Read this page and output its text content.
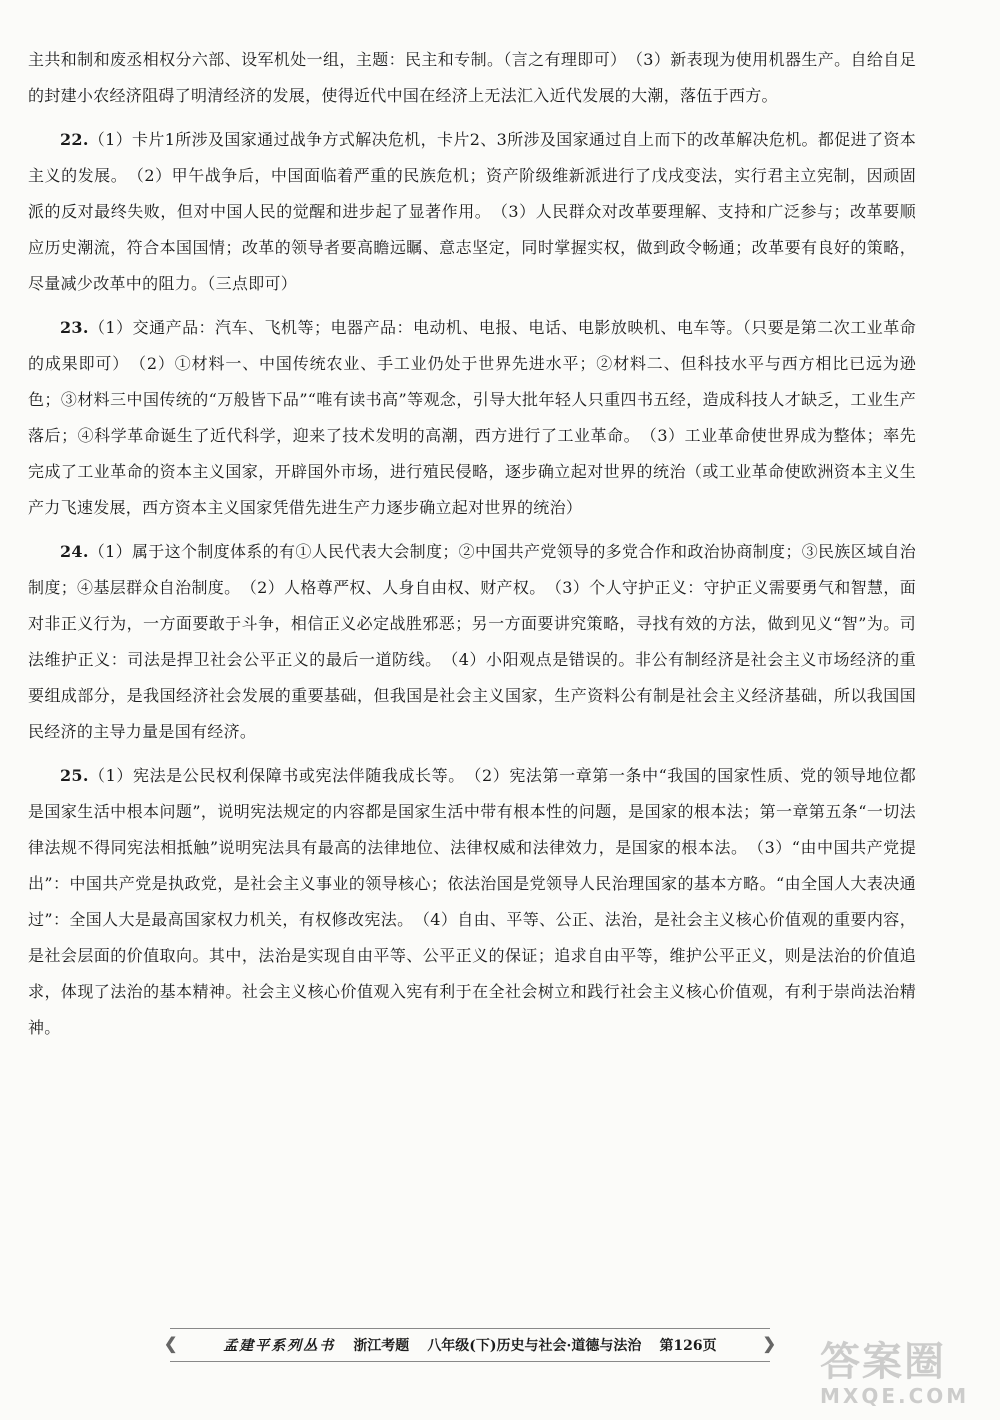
主共和制和废丞相权分六部、设军机处一组，主题：民主和专制。（言之有理即可）　（3）新表现为使用机器生产。自给自足的封建小农经济阻碍了明清经济的发展，使得近代中国在经济上无法汇入近代发展的大潮，落伍于西方。

22.（1）卡片1所涉及国家通过战争方式解决危机，卡片2、3所涉及国家通过自上而下的改革解决危机。都促进了资本主义的发展。　（2）甲午战争后，中国面临着严重的民族危机；资产阶级维新派进行了戊戌变法，实行君主立宪制，因顽固派的反对最终失败，但对中国人民的觉醒和进步起了显著作用。　（3）人民群众对改革要理解、支持和广泛参与；改革要顺应历史潮流，符合本国国情；改革的领导者要高瞻远瞩、意志坚定，同时掌握实权，做到政令畅通；改革要有良好的策略，尽量减少改革中的阻力。（三点即可）

23.（1）交通产品：汽车、飞机等；电器产品：电动机、电报、电话、电影放映机、电车等。（只要是第二次工业革命的成果即可）　（2）①材料一、中国传统农业、手工业仍处于世界先进水平；②材料二、但科技水平与西方相比已远为逊色；③材料三中国传统的“万般皆下品”“唯有读书高”等观念，引导大批年轻人只重四书五经，造成科技人才缺乏，工业生产落后；④科学革命诞生了近代科学，迎来了技术发明的高潮，西方进行了工业革命。　（3）工业革命使世界成为整体；率先完成了工业革命的资本主义国家，开辟国外市场，进行殖民侵略，逐步确立起对世界的统治（或工业革命使欧洲资本主义生产力飞速发展，西方资本主义国家凭借先进生产力逐步确立起对世界的统治）

24.（1）属于这个制度体系的有①人民代表大会制度；②中国共产党领导的多党合作和政治协商制度；③民族区域自治制度；④基层群众自治制度。　（2）人格尊严权、人身自由权、财产权。　（3）个人守护正义：守护正义需要勇气和智慧，面对非正义行为，一方面要敢于斗争，相信正义必定战胜邪恶；另一方面要讲究策略，寻找有效的方法，做到见义“智”为。司法维护正义：司法是捍卫社会公平正义的最后一道防线。　（4）小阳观点是错误的。非公有制经济是社会主义市场经济的重要组成部分，是我国经济社会发展的重要基础，但我国是社会主义国家，生产资料公有制是社会主义经济基础，所以我国国民经济的主导力量是国有经济。

25.（1）宪法是公民权利保障书或宪法伴随我成长等。　（2）宪法第一章第一条中“我国的国家性质、党的领导地位都是国家生活中根本问题”，说明宪法规定的内容都是国家生活中带有根本性的问题，是国家的根本法；第一章第五条“一切法律法规不得同宪法相抵触”说明宪法具有最高的法律地位、法律权威和法律效力，是国家的根本法。　（3）“由中国共产党提出”：中国共产党是执政党，是社会主义事业的领导核心；依法治国是党领导人民治理国家的基本方略。“由全国人大表决通过”：全国人大是最高国家权力机关，有权修改宪法。　（4）自由、平等、公正、法治，是社会主义核心价值观的重要内容，是社会层面的价值取向。其中，法治是实现自由平等、公平正义的保证；追求自由平等，维护公平正义，则是法治的价值追求，体现了法治的基本精神。社会主义核心价值观入宪有利于在全社会树立和践行社会主义核心价值观，有利于崇尚法治精神。

❮	孟建平系列丛书 浙江考题 八年级(下)历史与社会·道德与法治 第126页	❯ 答案圈
MXQE.COM
